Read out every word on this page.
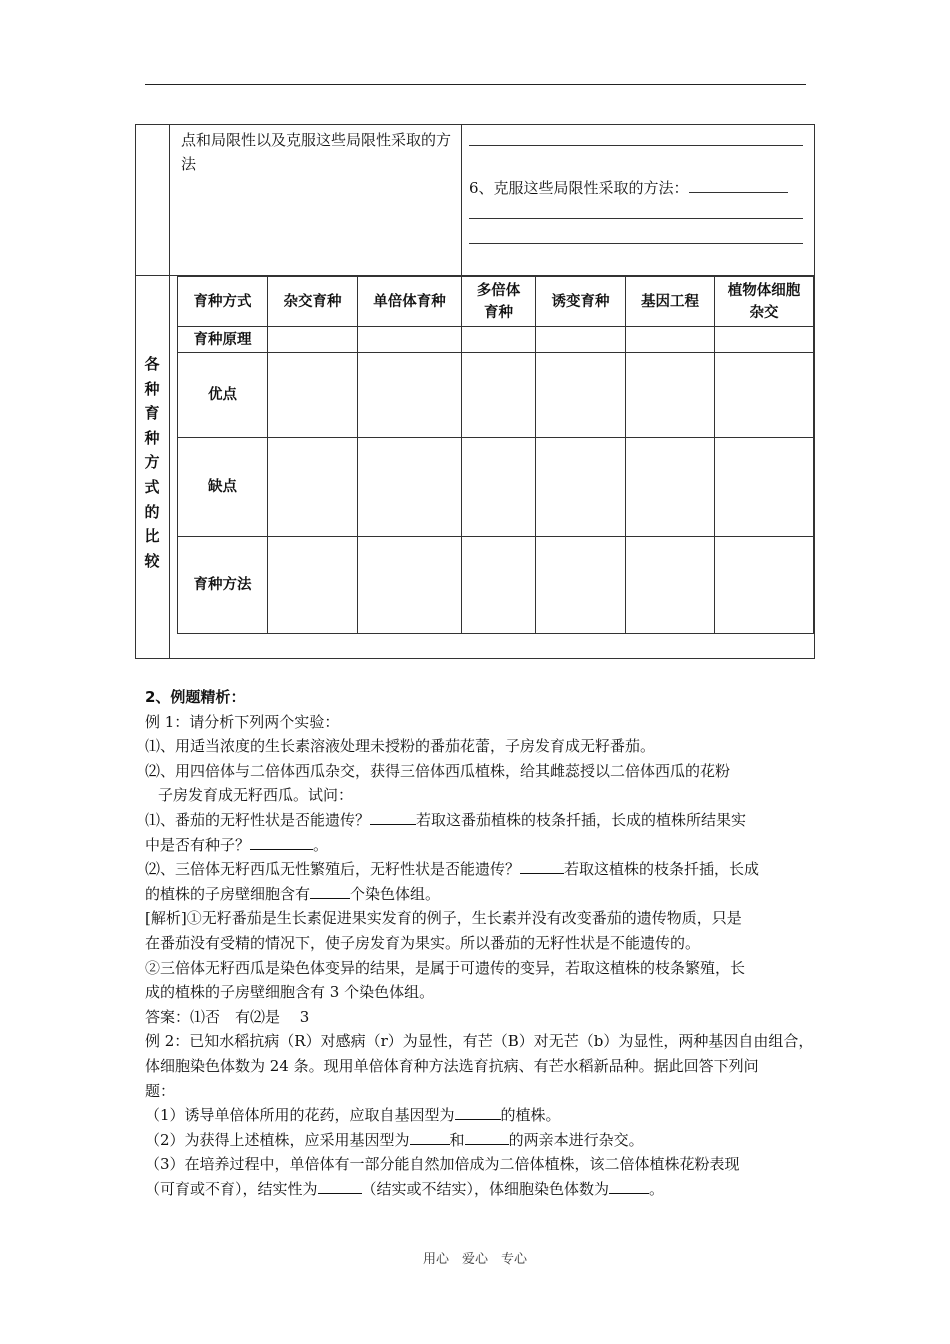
点和局限性以及克服这些局限性采取的方法
6、克服这些局限性采取的方法：
各
种
育
种
方
式
的
比
较
育种方式	杂交育种	单倍体育种	多倍体育种	诱变育种	基因工程	植物体细胞杂交
育种原理						
优点						
缺点						
育种方法						

2、例题精析：

例 1：请分析下列两个实验：

⑴、用适当浓度的生长素溶液处理未授粉的番茄花蕾，子房发育成无籽番茄。

⑵、用四倍体与二倍体西瓜杂交，获得三倍体西瓜植株，给其雌蕊授以二倍体西瓜的花粉

子房发育成无籽西瓜。试问：

⑴、番茄的无籽性状是否能遗传？	若取这番茄植株的枝条扦插，长成的植株所结果实

中是否有种子？	。

⑵、三倍体无籽西瓜无性繁殖后，无籽性状是否能遗传？	若取这植株的枝条扦插，长成

的植株的子房壁细胞含有	个染色体组。

[解析]①无籽番茄是生长素促进果实发育的例子，生长素并没有改变番茄的遗传物质，只是

在番茄没有受精的情况下，使子房发育为果实。所以番茄的无籽性状是不能遗传的。

②三倍体无籽西瓜是染色体变异的结果，是属于可遗传的变异，若取这植株的枝条繁殖，长

成的植株的子房壁细胞含有 3 个染色体组。

答案：⑴否　有⑵是　 3

例 2：已知水稻抗病（R）对感病（r）为显性，有芒（B）对无芒（b）为显性，两种基因自由组合，

体细胞染色体数为 24 条。现用单倍体育种方法选育抗病、有芒水稻新品种。据此回答下列问

题：

（1）诱导单倍体所用的花药，应取自基因型为	的植株。

（2）为获得上述植株，应采用基因型为	和	的两亲本进行杂交。

（3）在培养过程中，单倍体有一部分能自然加倍成为二倍体植株，该二倍体植株花粉表现

（可育或不育），结实性为	（结实或不结实），体细胞染色体数为	。

用心　爱心　专心
